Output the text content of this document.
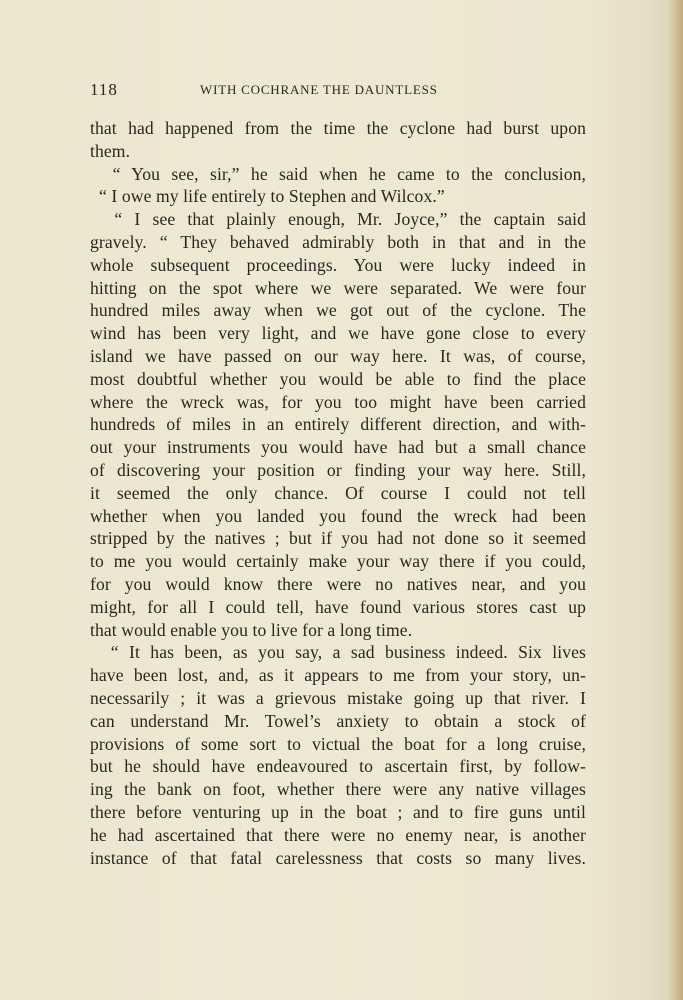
118	WITH COCHRANE THE DAUNTLESS
that had happened from the time the cyclone had burst upon
them.
“ You see, sir,” he said when he came to the conclusion,
“ I owe my life entirely to Stephen and Wilcox.”
“ I see that plainly enough, Mr. Joyce,” the captain said
gravely. “ They behaved admirably both in that and in the
whole subsequent proceedings. You were lucky indeed in
hitting on the spot where we were separated. We were four
hundred miles away when we got out of the cyclone. The
wind has been very light, and we have gone close to every
island we have passed on our way here. It was, of course,
most doubtful whether you would be able to find the place
where the wreck was, for you too might have been carried
hundreds of miles in an entirely different direction, and with-
out your instruments you would have had but a small chance
of discovering your position or finding your way here. Still,
it seemed the only chance. Of course I could not tell
whether when you landed you found the wreck had been
stripped by the natives ; but if you had not done so it seemed
to me you would certainly make your way there if you could,
for you would know there were no natives near, and you
might, for all I could tell, have found various stores cast up
that would enable you to live for a long time.
“ It has been, as you say, a sad business indeed. Six lives
have been lost, and, as it appears to me from your story, un-
necessarily ; it was a grievous mistake going up that river. I
can understand Mr. Towel’s anxiety to obtain a stock of
provisions of some sort to victual the boat for a long cruise,
but he should have endeavoured to ascertain first, by follow-
ing the bank on foot, whether there were any native villages
there before venturing up in the boat ; and to fire guns until
he had ascertained that there were no enemy near, is another
instance of that fatal carelessness that costs so many lives.
